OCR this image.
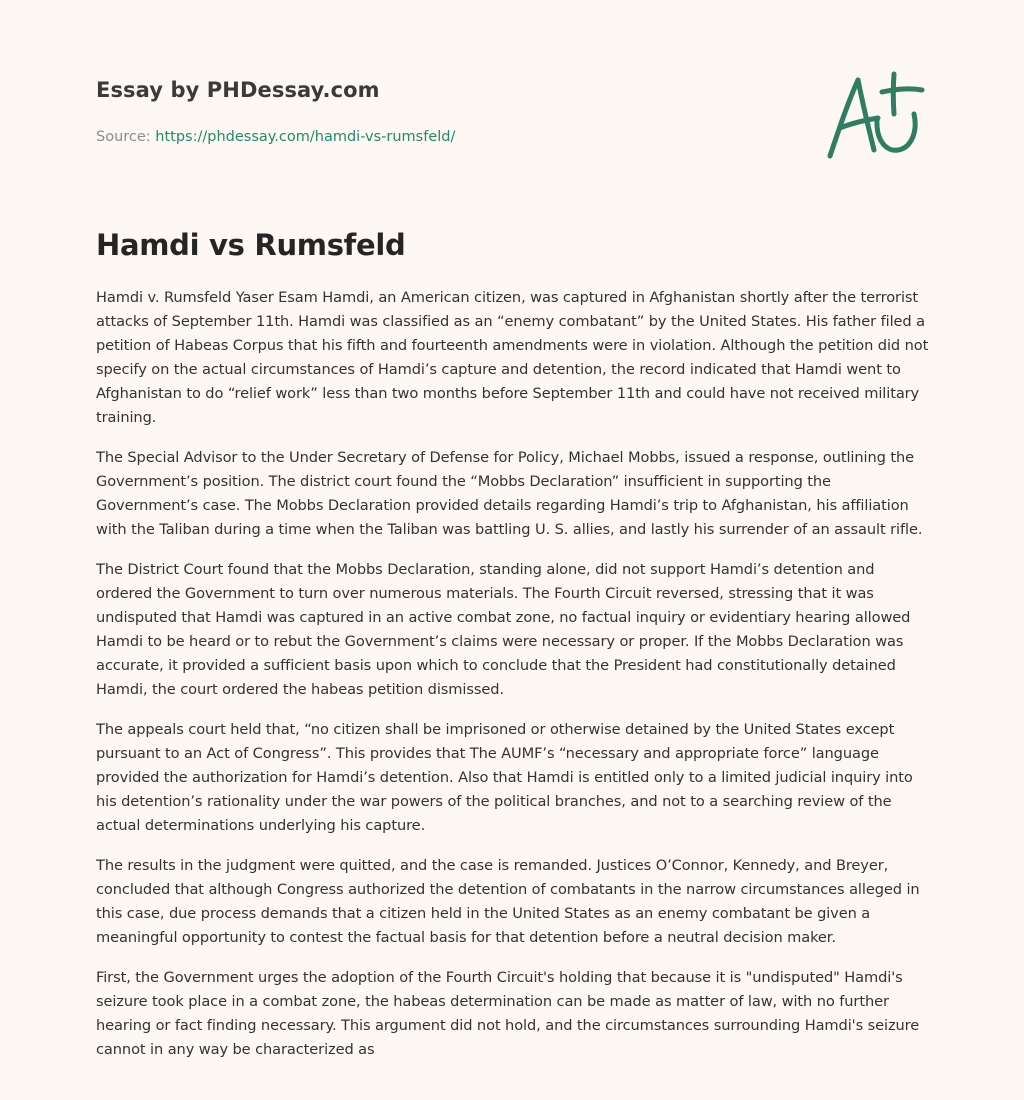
Essay by PHDessay.com
Source: https://phdessay.com/hamdi-vs-rumsfeld/
Hamdi vs Rumsfeld

Hamdi v. Rumsfeld Yaser Esam Hamdi, an American citizen, was captured in Afghanistan shortly after the terrorist attacks of September 11th. Hamdi was classified as an “enemy combatant” by the United States. His father filed a petition of Habeas Corpus that his fifth and fourteenth amendments were in violation. Although the petition did not specify on the actual circumstances of Hamdi’s capture and detention, the record indicated that Hamdi went to Afghanistan to do “relief work” less than two months before September 11th and could have not received military training.

The Special Advisor to the Under Secretary of Defense for Policy, Michael Mobbs, issued a response, outlining the Government’s position. The district court found the “Mobbs Declaration” insufficient in supporting the Government’s case. The Mobbs Declaration provided details regarding Hamdi’s trip to Afghanistan, his affiliation with the Taliban during a time when the Taliban was battling U. S. allies, and lastly his surrender of an assault rifle.

The District Court found that the Mobbs Declaration, standing alone, did not support Hamdi’s detention and ordered the Government to turn over numerous materials. The Fourth Circuit reversed, stressing that it was undisputed that Hamdi was captured in an active combat zone, no factual inquiry or evidentiary hearing allowed Hamdi to be heard or to rebut the Government’s claims were necessary or proper. If the Mobbs Declaration was accurate, it provided a sufficient basis upon which to conclude that the President had constitutionally detained Hamdi, the court ordered the habeas petition dismissed.

The appeals court held that, “no citizen shall be imprisoned or otherwise detained by the United States except pursuant to an Act of Congress”. This provides that The AUMF’s “necessary and appropriate force” language provided the authorization for Hamdi’s detention. Also that Hamdi is entitled only to a limited judicial inquiry into his detention’s rationality under the war powers of the political branches, and not to a searching review of the actual determinations underlying his capture.

The results in the judgment were quitted, and the case is remanded. Justices O’Connor, Kennedy, and Breyer, concluded that although Congress authorized the detention of combatants in the narrow circumstances alleged in this case, due process demands that a citizen held in the United States as an enemy combatant be given a meaningful opportunity to contest the factual basis for that detention before a neutral decision maker.

First, the Government urges the adoption of the Fourth Circuit's holding that because it is "undisputed" Hamdi's seizure took place in a combat zone, the habeas determination can be made as matter of law, with no further hearing or fact finding necessary. This argument did not hold, and the circumstances surrounding Hamdi's seizure cannot in any way be characterized as
